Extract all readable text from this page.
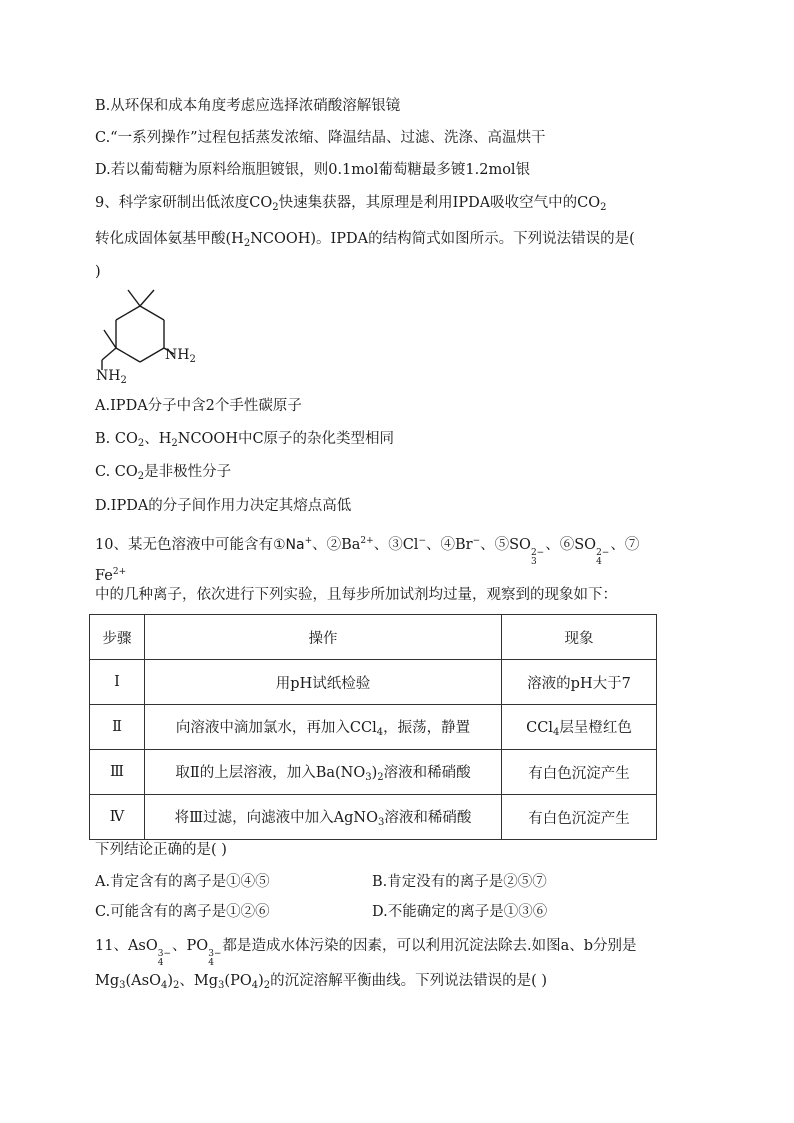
B.从环保和成本角度考虑应选择浓硝酸溶解银镜
C.“一系列操作”过程包括蒸发浓缩、降温结晶、过滤、洗涤、高温烘干
D.若以葡萄糖为原料给瓶胆镀银，则0.1mol葡萄糖最多镀1.2mol银
9、科学家研制出低浓度$CO_2$快速集获器，其原理是利用IPDA吸收空气中的$CO_2$
转化成固体氨基甲酸$(H_2NCOOH)$。IPDA的结构简式如图所示。下列说法错误的是(
)
$NH_2$
$NH_2$
A.IPDA分子中含2个手性碳原子
B. $CO_2$、$H_2NCOOH$中C原子的杂化类型相同
C. $CO_2$是非极性分子
D.IPDA的分子间作用力决定其熔点高低
10、某无色溶液中可能含有①Na+、$②Ba^{2+}$、③Cl−、④Br−、⑤SO 2−
3
、⑥SO 2−
4
、⑦
$Fe^{2+}$
中的几种离子，依次进行下列实验，且每步所加试剂均过量，观察到的现象如下：
步骤	操作	现象
Ⅰ	用pH试纸检验	溶液的pH大于7
Ⅱ	向溶液中滴加氯水，再加入CCl$_4$，振荡，静置	CCl$_4$层呈橙红色
Ⅲ	取Ⅱ的上层溶液，加入$Ba(NO_3)_2$溶液和稀硝酸	有白色沉淀产生
Ⅳ	将Ⅲ过滤，向滤液中加入AgNO$_3$溶液和稀硝酸	有白色沉淀产生
下列结论正确的是( )
A.肯定含有的离子是①④⑤	B.肯定没有的离子是②⑤⑦
C.可能含有的离子是①②⑥	D.不能确定的离子是①③⑥
11、AsO 3−
4
、PO 3−
4
都是造成水体污染的因素，可以利用沉淀法除去.如图a、b分别是
$Mg_3(AsO_4)_2$、$Mg_3(PO_4)_2$的沉淀溶解平衡曲线。下列说法错误的是( )
